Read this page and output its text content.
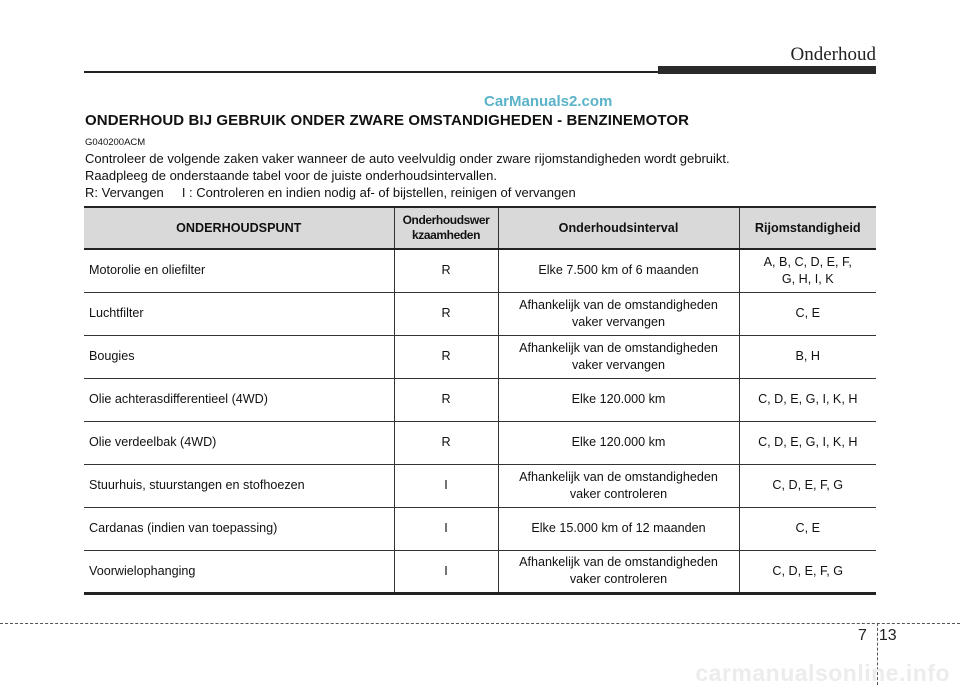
Onderhoud
CarManuals2.com
ONDERHOUD BIJ GEBRUIK ONDER ZWARE OMSTANDIGHEDEN - BENZINEMOTOR
G040200ACM
Controleer de volgende zaken vaker wanneer de auto veelvuldig onder zware rijomstandigheden wordt gebruikt.
Raadpleeg de onderstaande tabel voor de juiste onderhoudsintervallen.
R: Vervangen     I : Controleren en indien nodig af- of bijstellen, reinigen of vervangen
ONDERHOUDSPUNT	Onderhoudswer
kzaamheden	Onderhoudsinterval	Rijomstandigheid

Motorolie en oliefilter	R	Elke 7.500 km of 6 maanden	A, B, C, D, E, F,
G, H, I, K

Luchtfilter	R	Afhankelijk van de omstandigheden
vaker vervangen	C, E

Bougies	R	Afhankelijk van de omstandigheden
vaker vervangen	B, H

Olie achterasdifferentieel (4WD)	R	Elke 120.000 km	C, D, E, G, I, K, H

Olie verdeelbak (4WD)	R	Elke 120.000 km	C, D, E, G, I, K, H

Stuurhuis, stuurstangen en stofhoezen	I	Afhankelijk van de omstandigheden
vaker controleren	C, D, E, F, G

Cardanas (indien van toepassing)	I	Elke 15.000 km of 12 maanden	C, E

Voorwielophanging	I	Afhankelijk van de omstandigheden
vaker controleren	C, D, E, F, G
7 13
carmanualsonline.info
